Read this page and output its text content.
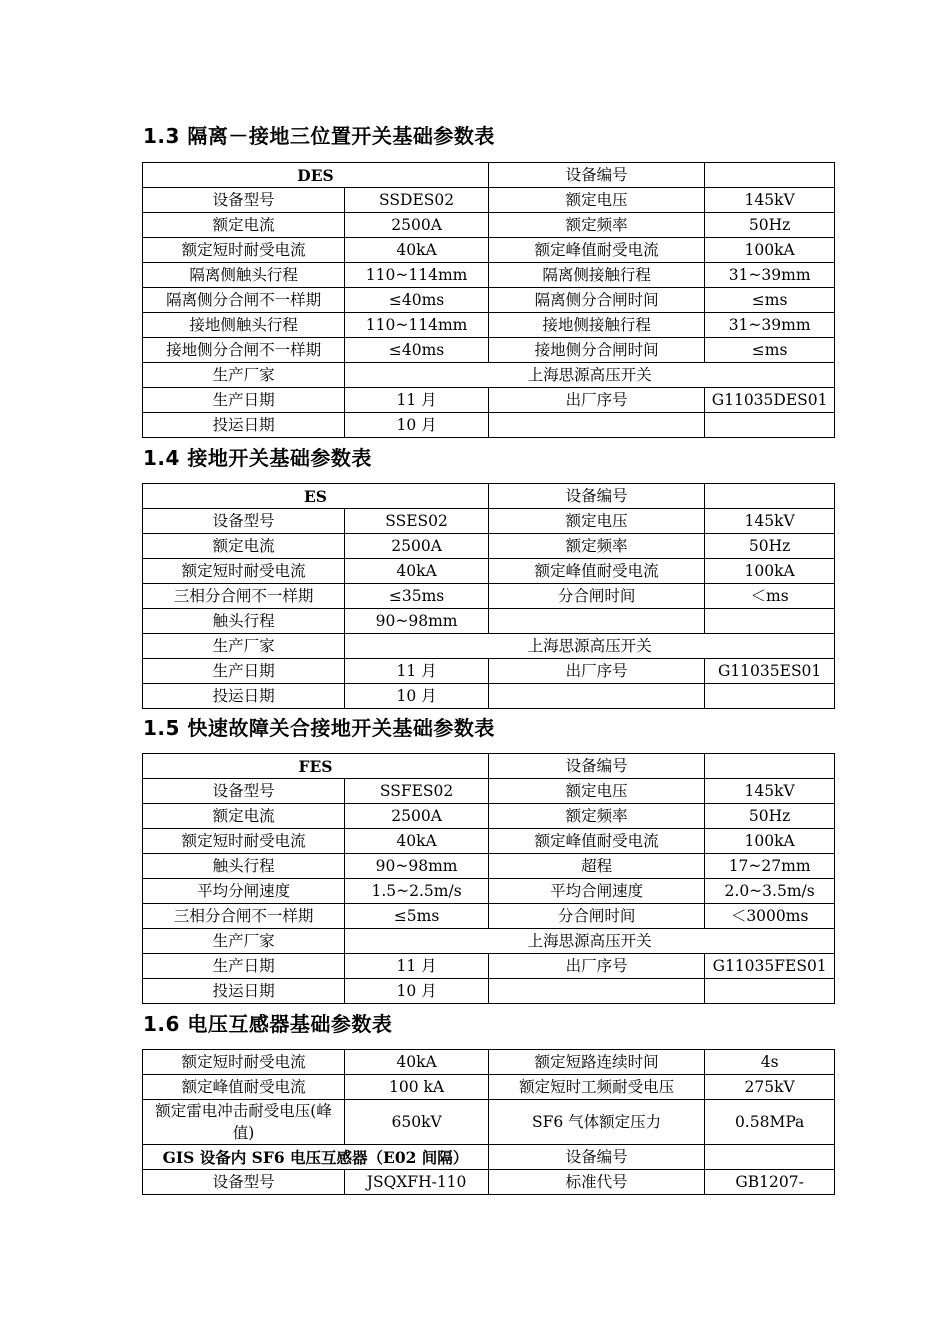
1.3 隔离－接地三位置开关基础参数表
DES		设备编号	
设备型号	SSDES02	额定电压	145kV
额定电流	2500A	额定频率	50Hz
额定短时耐受电流	40kA	额定峰值耐受电流	100kA
隔离侧触头行程	110~114mm	隔离侧接触行程	31~39mm
隔离侧分合闸不一样期	≤40ms	隔离侧分合闸时间	≤ms
接地侧触头行程	110~114mm	接地侧接触行程	31~39mm
接地侧分合闸不一样期	≤40ms	接地侧分合闸时间	≤ms
生产厂家	上海思源高压开关		
生产日期	11 月	出厂序号	G11035DES01
投运日期	10 月		
1.4 接地开关基础参数表
ES		设备编号	
设备型号	SSES02	额定电压	145kV
额定电流	2500A	额定频率	50Hz
额定短时耐受电流	40kA	额定峰值耐受电流	100kA
三相分合闸不一样期	≤35ms	分合闸时间	＜ms
触头行程	90~98mm		
生产厂家	上海思源高压开关		
生产日期	11 月	出厂序号	G11035ES01
投运日期	10 月		
1.5 快速故障关合接地开关基础参数表
FES		设备编号	
设备型号	SSFES02	额定电压	145kV
额定电流	2500A	额定频率	50Hz
额定短时耐受电流	40kA	额定峰值耐受电流	100kA
触头行程	90~98mm	超程	17~27mm
平均分闸速度	1.5~2.5m/s	平均合闸速度	2.0~3.5m/s
三相分合闸不一样期	≤5ms	分合闸时间	＜3000ms
生产厂家	上海思源高压开关		
生产日期	11 月	出厂序号	G11035FES01
投运日期	10 月		
1.6 电压互感器基础参数表
额定短时耐受电流	40kA	额定短路连续时间	4s
额定峰值耐受电流	100 kA	额定短时工频耐受电压	275kV
额定雷电冲击耐受电压(峰值)	650kV	SF6 气体额定压力	0.58MPa
GIS 设备内 SF6 电压互感器（E02 间隔）		设备编号	
设备型号	JSQXFH-110	标准代号	GB1207-
